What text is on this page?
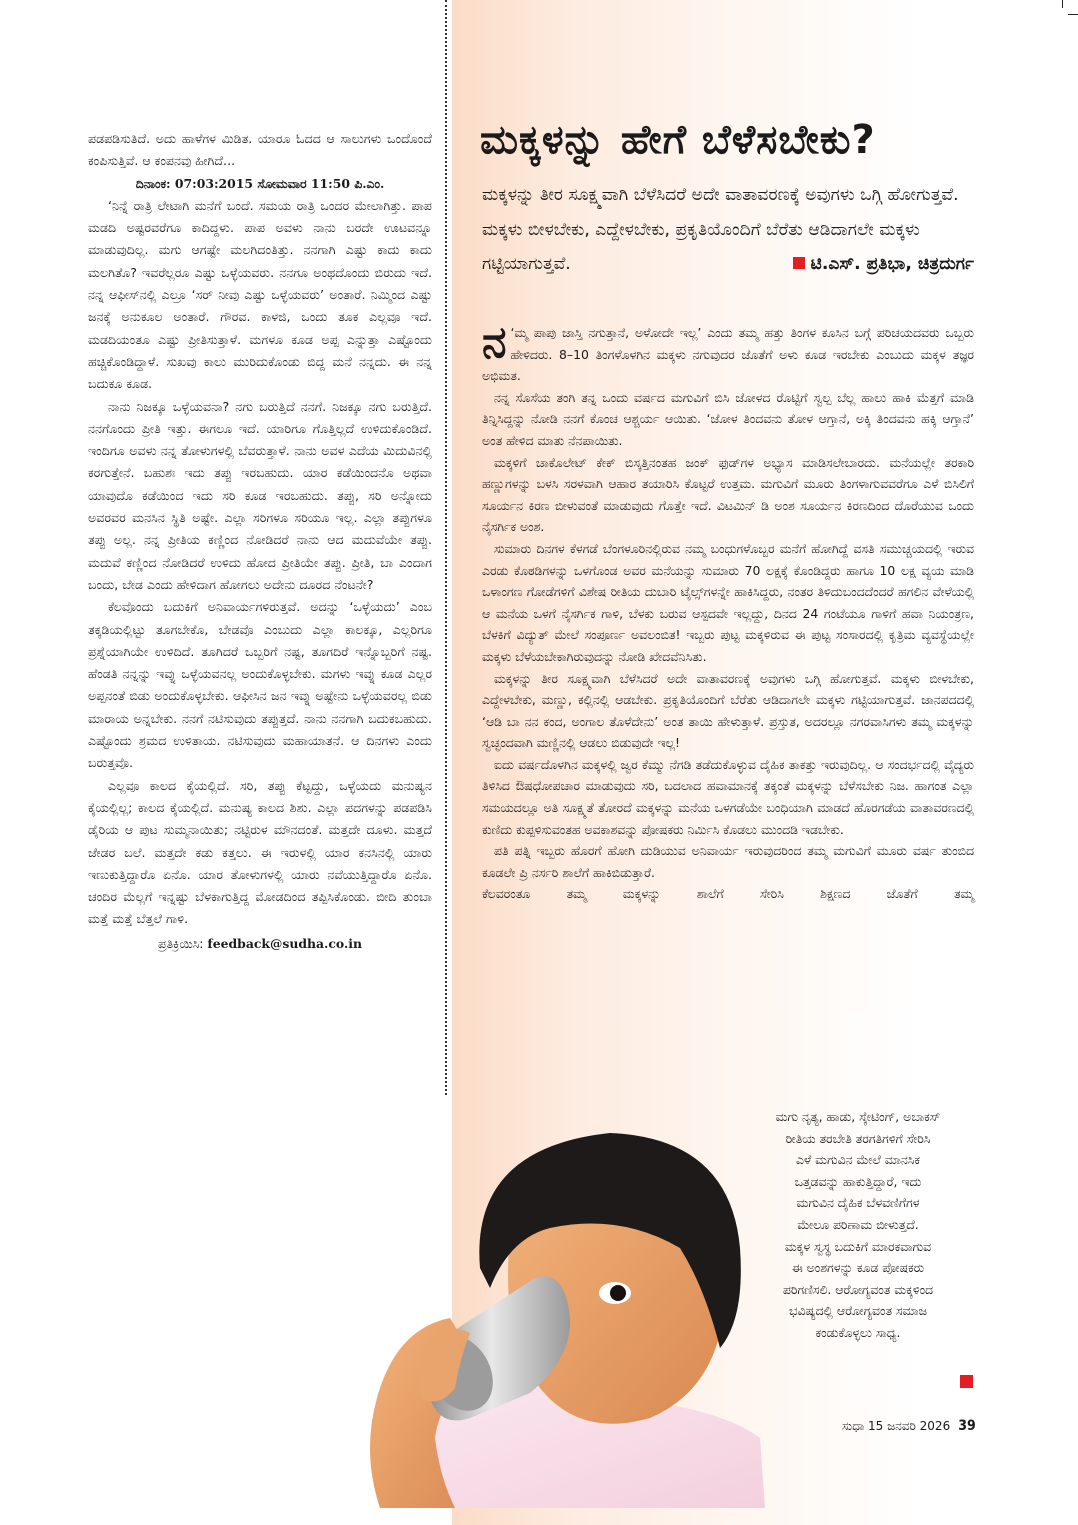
ಪಡಪಡಿಸುತಿದೆ. ಅದು ಹಾಳೆಗಳ ಮಿಡಿತ. ಯಾರೂ ಓದದ ಆ ಸಾಲುಗಳು ಒಂದೊಂದೆ ಕಂಪಿಸುತ್ತಿವೆ. ಆ ಕಂಪನವು ಹೀಗಿದೆ...

ದಿನಾಂಕ: 07:03:2015 ಸೋಮವಾರ 11:50 ಪಿ.ಎಂ.

‘ನಿನ್ನೆ ರಾತ್ರಿ ಲೇಟಾಗಿ ಮನೆಗೆ ಬಂದೆ. ಸಮಯ ರಾತ್ರಿ ಒಂದರ ಮೇಲಾಗಿತ್ತು. ಪಾಪ ಮಡದಿ ಅಷ್ಟರವರೆಗೂ ಕಾದಿದ್ದಳು. ಪಾಪ ಅವಳು ನಾನು ಬರದೇ ಊಟವನ್ನೂ ಮಾಡುವುದಿಲ್ಲ. ಮಗು ಆಗಷ್ಟೇ ಮಲಗಿದಂತಿತ್ತು. ನನಗಾಗಿ ಎಷ್ಟು ಕಾದು ಕಾದು ಮಲಗಿತೊ? ಇವರೆಲ್ಲರೂ ಎಷ್ಟು ಒಳ್ಳೆಯವರು. ನನಗೂ ಅಂಥದೊಂದು ಬಿರುದು ಇದೆ. ನನ್ನ ಆಫೀಸ್‌ನಲ್ಲಿ ಎಲ್ರೂ ‘ಸರ್ ನೀವು ಎಷ್ಟು ಒಳ್ಳೆಯವರು’ ಅಂತಾರೆ. ನಿಮ್ಮಿಂದ ಎಷ್ಟು ಜನಕ್ಕೆ ಅನುಕೂಲ ಅಂತಾರೆ. ಗೌರವ. ಕಾಳಜಿ, ಒಂದು ತೂಕ ಎಲ್ಲವೂ ಇದೆ. ಮಡದಿಯಂತೂ ಎಷ್ಟು ಪ್ರೀತಿಸುತ್ತಾಳೆ. ಮಗಳೂ ಕೂಡ ಅಪ್ಪ ಎನ್ನುತ್ತಾ ಎಷ್ಟೊಂದು ಹಚ್ಚಿಕೊಂಡಿದ್ದಾಳೆ. ಸುಖವು ಕಾಲು ಮುರಿದುಕೊಂಡು ಬಿದ್ದ ಮನೆ ನನ್ನದು. ಈ ನನ್ನ ಬದುಕೂ ಕೂಡ.

ನಾನು ನಿಜಕ್ಕೂ ಒಳ್ಳೆಯವನಾ? ನಗು ಬರುತ್ತಿದೆ ನನಗೆ. ನಿಜಕ್ಕೂ ನಗು ಬರುತ್ತಿದೆ. ನನಗೊಂದು ಪ್ರೀತಿ ಇತ್ತು. ಈಗಲೂ ಇದೆ. ಯಾರಿಗೂ ಗೊತ್ತಿಲ್ಲದೆ ಉಳಿದುಕೊಂಡಿದೆ. ಇಂದಿಗೂ ಅವಳು ನನ್ನ ತೋಳುಗಳಲ್ಲಿ ಬೆವರುತ್ತಾಳೆ. ನಾನು ಅವಳ ಎದೆಯ ಮಿದುವಿನಲ್ಲಿ ಕರಗುತ್ತೇನೆ. ಬಹುಶಃ ಇದು ತಪ್ಪು ಇರಬಹುದು. ಯಾರ ಕಡೆಯಿಂದನೊ ಅಥವಾ ಯಾವುದೊ ಕಡೆಯಿಂದ ಇದು ಸರಿ ಕೂಡ ಇರಬಹುದು. ತಪ್ಪು, ಸರಿ ಅನ್ನೋದು ಅವರವರ ಮನಸಿನ ಸ್ಥಿತಿ ಅಷ್ಟೇ. ಎಲ್ಲಾ ಸರಿಗಳೂ ಸರಿಯೂ ಇಲ್ಲ. ಎಲ್ಲಾ ತಪ್ಪುಗಳೂ ತಪ್ಪು ಅಲ್ಲ. ನನ್ನ ಪ್ರೀತಿಯ ಕಣ್ಣಿಂದ ನೋಡಿದರೆ ನಾನು ಆದ ಮದುವೆಯೇ ತಪ್ಪು. ಮದುವೆ ಕಣ್ಣಿಂದ ನೋಡಿದರೆ ಉಳಿದು ಹೋದ ಪ್ರೀತಿಯೇ ತಪ್ಪು. ಪ್ರೀತಿ, ಬಾ ಎಂದಾಗ ಬಂದು, ಬೇಡ ಎಂದು ಹೇಳಿದಾಗ ಹೋಗಲು ಅದೇನು ದೂರದ ನೆಂಟನೇ?

ಕೆಲವೊಂದು ಬದುಕಿಗೆ ಅನಿವಾರ್ಯಗಳಿರುತ್ತವೆ. ಅದನ್ನು ‘ಒಳ್ಳೆಯದು’ ಎಂಬ ತಕ್ಕಡಿಯಲ್ಲಿಟ್ಟು ತೂಗಬೇಕೊ, ಬೇಡವೊ ಎಂಬುದು ಎಲ್ಲಾ ಕಾಲಕ್ಕೂ, ಎಲ್ಲರಿಗೂ ಪ್ರಶ್ನೆಯಾಗಿಯೇ ಉಳಿದಿದೆ. ತೂಗಿದರೆ ಒಬ್ಬರಿಗೆ ನಷ್ಟ, ತೂಗದಿರೆ ಇನ್ನೊಬ್ಬರಿಗೆ ನಷ್ಟ. ಹೆಂಡತಿ ನನ್ನನ್ನು ಇವ್ನು ಒಳ್ಳೆಯವನಲ್ಲ ಅಂದುಕೊಳ್ಳಬೇಕು. ಮಗಳು ಇವ್ನು ಕೂಡ ಎಲ್ಲರ ಅಪ್ಪನಂತೆ ಬಿಡು ಅಂದುಕೊಳ್ಳಬೇಕು. ಆಫೀಸಿನ ಜನ ಇವ್ನು ಅಷ್ಟೇನು ಒಳ್ಳೆಯವರಲ್ಲ ಬಿಡು ಮಾರಾಯ ಅನ್ನಬೇಕು. ನನಗೆ ನಟಿಸುವುದು ತಪ್ಪುತ್ತದೆ. ನಾನು ನನಗಾಗಿ ಬದುಕಬಹುದು. ಎಷ್ಟೊಂದು ಶ್ರಮದ ಉಳಿತಾಯ. ನಟಿಸುವುದು ಮಹಾಯಾತನೆ. ಆ ದಿನಗಳು ಎಂದು ಬರುತ್ತವೊ.

ಎಲ್ಲವೂ ಕಾಲದ ಕೈಯಲ್ಲಿದೆ. ಸರಿ, ತಪ್ಪು ಕೆಟ್ಟದ್ದು, ಒಳ್ಳೆಯದು ಮನುಷ್ಯನ ಕೈಯಲ್ಲಿಲ್ಲ; ಕಾಲದ ಕೈಯಲ್ಲಿದೆ. ಮನುಷ್ಯ ಕಾಲದ ಶಿಶು. ಎಲ್ಲಾ ಪದಗಳನ್ನು ಪಡಪಡಿಸಿ ಡೈರಿಯ ಆ ಪುಟ ಸುಮ್ಮನಾಯಿತು; ನಟ್ಟಿರುಳ ಮೌನದಂತೆ. ಮತ್ತದೇ ದೂಳು. ಮತ್ತದೆ ಜೇಡರ ಬಲೆ. ಮತ್ತದೇ ಕಡು ಕತ್ತಲು. ಈ ಇರುಳಲ್ಲಿ ಯಾರ ಕನಸಿನಲ್ಲಿ ಯಾರು ಇಣುಕುತ್ತಿದ್ದಾರೊ ಏನೊ. ಯಾರ ತೋಳುಗಳಲ್ಲಿ ಯಾರು ನವೆಯುತ್ತಿದ್ದಾರೊ ಏನೊ. ಚಂದಿರ ಮೆಲ್ಲಗೆ ಇನ್ನಷ್ಟು ಬೆಳಕಾಗುತ್ತಿದ್ದ ಮೋಡದಿಂದ ತಪ್ಪಿಸಿಕೊಂಡು. ಬೀದಿ ತುಂಬಾ ಮತ್ತೆ ಮತ್ತೆ ಬೆತ್ತಲೆ ಗಾಳಿ.

ಪ್ರತಿಕ್ರಿಯಿಸಿ: feedback@sudha.co.in

ಮಕ್ಕಳನ್ನು ಹೇಗೆ ಬೆಳೆಸಬೇಕು?
ಮಕ್ಕಳನ್ನು ತೀರ ಸೂಕ್ಷ್ಮವಾಗಿ ಬೆಳೆಸಿದರೆ ಅದೇ ವಾತಾವರಣಕ್ಕೆ ಅವುಗಳು ಒಗ್ಗಿ ಹೋಗುತ್ತವೆ. ಮಕ್ಕಳು ಬೀಳಬೇಕು, ಎದ್ದೇಳಬೇಕು, ಪ್ರಕೃತಿಯೊಂದಿಗೆ ಬೆರೆತು ಆಡಿದಾಗಲೇ ಮಕ್ಕಳು ಗಟ್ಟಿಯಾಗುತ್ತವೆ.	ಟಿ.ಎಸ್‌. ಪ್ರತಿಭಾ, ಚಿತ್ರದುರ್ಗ

ನ ‘ಮ್ಮ ಪಾಪು ಜಾಸ್ತಿ ನಗುತ್ತಾನೆ, ಅಳೋದೇ ಇಲ್ಲ’ ಎಂದು ತಮ್ಮ ಹತ್ತು ತಿಂಗಳ ಕೂಸಿನ ಬಗ್ಗೆ ಪರಿಚಯದವರು ಒಬ್ಬರು ಹೇಳಿದರು. 8–10 ತಿಂಗಳೊಳಗಿನ ಮಕ್ಕಳು ನಗುವುದರ ಜೊತೆಗೆ ಅಳು ಕೂಡ ಇರಬೇಕು ಎಂಬುದು ಮಕ್ಕಳ ತಜ್ಞರ ಅಭಿಮತ.

ನನ್ನ ಸೊಸೆಯ ತಂಗಿ ತನ್ನ ಒಂದು ವರ್ಷದ ಮಗುವಿಗೆ ಬಿಸಿ ಜೋಳದ ರೊಟ್ಟಿಗೆ ಸ್ವಲ್ಪ ಬೆಲ್ಲ ಹಾಲು ಹಾಕಿ ಮೆತ್ತಗೆ ಮಾಡಿ ತಿನ್ನಿಸಿದ್ದನ್ನು ನೋಡಿ ನನಗೆ ಕೊಂಚ ಆಶ್ಚರ್ಯ ಆಯಿತು. ‘ಜೋಳ ತಿಂದವನು ತೋಳ ಆಗ್ತಾನೆ, ಅಕ್ಕಿ ತಿಂದವನು ಹಕ್ಕಿ ಆಗ್ತಾನೆ’ ಅಂತ ಹೇಳಿದ ಮಾತು ನೆನಪಾಯಿತು.

ಮಕ್ಕಳಿಗೆ ಚಾಕೊಲೇಟ್ ಕೇಕ್ ಬಿಸ್ಕತ್ತಿನಂತಹ ಜಂಕ್ ಫುಡ್‌ಗಳ ಅಭ್ಯಾಸ ಮಾಡಿಸಲೇಬಾರದು. ಮನೆಯಲ್ಲೇ ತರಕಾರಿ ಹಣ್ಣುಗಳನ್ನು ಬಳಸಿ ಸರಳವಾಗಿ ಆಹಾರ ತಯಾರಿಸಿ ಕೊಟ್ಟರೆ ಉತ್ತಮ. ಮಗುವಿಗೆ ಮೂರು ತಿಂಗಳಾಗುವವರೆಗೂ ಎಳೆ ಬಿಸಿಲಿಗೆ ಸೂರ್ಯನ ಕಿರಣ ಬೀಳುವಂತೆ ಮಾಡುವುದು ಗೊತ್ತೇ ಇದೆ. ವಿಟಮಿನ್ ಡಿ ಅಂಶ ಸೂರ್ಯನ ಕಿರಣದಿಂದ ದೊರೆಯುವ ಒಂದು ನೈಸರ್ಗಿಕ ಅಂಶ.

ಸುಮಾರು ದಿನಗಳ ಕೆಳಗಡೆ ಬೆಂಗಳೂರಿನಲ್ಲಿರುವ ನಮ್ಮ ಬಂಧುಗಳೊಬ್ಬರ ಮನೆಗೆ ಹೋಗಿದ್ದೆ ವಸತಿ ಸಮುಚ್ಚಯದಲ್ಲಿ ಇರುವ ಎರಡು ಕೊಠಡಿಗಳನ್ನು ಒಳಗೊಂಡ ಅವರ ಮನೆಯನ್ನು ಸುಮಾರು 70 ಲಕ್ಷಕ್ಕೆ ಕೊಂಡಿದ್ದರು ಹಾಗೂ 10 ಲಕ್ಷ ವ್ಯಯ ಮಾಡಿ ಒಳಾಂಗಣ ಗೋಡೆಗಳಿಗೆ ವಿಶೇಷ ರೀತಿಯ ದುಬಾರಿ ಟೈಲ್ಸ್‌ಗಳನ್ನೇ ಹಾಕಿಸಿದ್ದರು, ನಂತರ ತಿಳಿದುಬಂದದೆಂದರೆ ಹಗಲಿನ ವೇಳೆಯಲ್ಲಿ ಆ ಮನೆಯ ಒಳಗೆ ನೈಸರ್ಗಿಕ ಗಾಳಿ, ಬೆಳಕು ಬರುವ ಆಸ್ಪದವೇ ಇಲ್ಲದ್ದು, ದಿನದ 24 ಗಂಟೆಯೂ ಗಾಳಿಗೆ ಹವಾ ನಿಯಂತ್ರಣ, ಬೆಳಕಿಗೆ ವಿದ್ಯುತ್ ಮೇಲೆ ಸಂಪೂರ್ಣ ಅವಲಂಬಿತ! ಇಬ್ಬರು ಪುಟ್ಟ ಮಕ್ಕಳಿರುವ ಈ ಪುಟ್ಟ ಸಂಸಾರದಲ್ಲಿ ಕೃತ್ರಿಮ ವ್ಯವಸ್ಥೆಯಲ್ಲೇ ಮಕ್ಕಳು ಬೆಳೆಯಬೇಕಾಗಿರುವುದನ್ನು ನೋಡಿ ಖೇದವೆನಿಸಿತು.

ಮಕ್ಕಳನ್ನು ತೀರ ಸೂಕ್ಷ್ಮವಾಗಿ ಬೆಳೆಸಿದರೆ ಅದೇ ವಾತಾವರಣಕ್ಕೆ ಅವುಗಳು ಒಗ್ಗಿ ಹೋಗುತ್ತವೆ. ಮಕ್ಕಳು ಬೀಳಬೇಕು, ಎದ್ದೇಳಬೇಕು, ಮಣ್ಣು, ಕಲ್ಲಿನಲ್ಲಿ ಆಡಬೇಕು. ಪ್ರಕೃತಿಯೊಂದಿಗೆ ಬೆರೆತು ಆಡಿದಾಗಲೇ ಮಕ್ಕಳು ಗಟ್ಟಿಯಾಗುತ್ತವೆ. ಜಾನಪದದಲ್ಲಿ ‘ಆಡಿ ಬಾ ನನ ಕಂದ, ಅಂಗಾಲ ತೊಳೆದೇನು’ ಅಂತ ತಾಯಿ ಹೇಳುತ್ತಾಳೆ. ಪ್ರಸ್ತುತ, ಅದರಲ್ಲೂ ನಗರವಾಸಿಗಳು ತಮ್ಮ ಮಕ್ಕಳನ್ನು ಸ್ವಚ್ಛಂದವಾಗಿ ಮಣ್ಣಿನಲ್ಲಿ ಆಡಲು ಬಿಡುವುದೇ ಇಲ್ಲ!

ಐದು ವರ್ಷದೊಳಗಿನ ಮಕ್ಕಳಲ್ಲಿ ಜ್ವರ ಕೆಮ್ಮು ನೆಗಡಿ ತಡೆದುಕೊಳ್ಳುವ ದೈಹಿಕ ತಾಕತ್ತು ಇರುವುದಿಲ್ಲ. ಆ ಸಂದರ್ಭದಲ್ಲಿ ವೈದ್ಯರು ತಿಳಿಸಿದ ಔಷಧೋಪಚಾರ ಮಾಡುವುದು ಸರಿ, ಬದಲಾದ ಹವಾಮಾನಕ್ಕೆ ತಕ್ಕಂತೆ ಮಕ್ಕಳನ್ನು ಬೆಳೆಸಬೇಕು ನಿಜ. ಹಾಗಂತ ಎಲ್ಲಾ ಸಮಯದಲ್ಲೂ ಅತಿ ಸೂಕ್ಷ್ಮತೆ ತೋರದೆ ಮಕ್ಕಳನ್ನು ಮನೆಯ ಒಳಗಡೆಯೇ ಬಂಧಿಯಾಗಿ ಮಾಡದೆ ಹೊರಗಡೆಯ ವಾತಾವರಣದಲ್ಲಿ ಕುಣಿದು ಕುಪ್ಪಳಿಸುವಂತಹ ಅವಕಾಶವನ್ನು ಪೋಷಕರು ನಿರ್ಮಿಸಿ ಕೊಡಲು ಮುಂದಡಿ ಇಡಬೇಕು.

ಪತಿ ಪತ್ನಿ ಇಬ್ಬರು ಹೊರಗೆ ಹೋಗಿ ದುಡಿಯುವ ಅನಿವಾರ್ಯ ಇರುವುದರಿಂದ ತಮ್ಮ ಮಗುವಿಗೆ ಮೂರು ವರ್ಷ ತುಂಬಿದ ಕೂಡಲೇ ಪ್ರಿ ನರ್ಸರಿ ಶಾಲೆಗೆ ಹಾಕಿಬಿಡುತ್ತಾರೆ.

ಕೆಲವರಂತೂ ತಮ್ಮ ಮಕ್ಕಳನ್ನು ಶಾಲೆಗೆ ಸೇರಿಸಿ ಶಿಕ್ಷಣದ ಜೊತೆಗೆ ತಮ್ಮ

ಮಗು ನೃತ್ಯ, ಹಾಡು, ಸ್ಕೇಟಿಂಗ್, ಅಬಾಕಸ್

ರೀತಿಯ ತರಬೇತಿ ತರಗತಿಗಳಿಗೆ ಸೇರಿಸಿ

ಎಳೆ ಮಗುವಿನ ಮೇಲೆ ಮಾನಸಿಕ

ಒತ್ತಡವನ್ನು ಹಾಕುತ್ತಿದ್ದಾರೆ, ಇದು

ಮಗುವಿನ ದೈಹಿಕ ಬೆಳವಣಿಗೆಗಳ

ಮೇಲೂ ಪರಿಣಾಮ ಬೀಳುತ್ತದೆ.

ಮಕ್ಕಳ ಸ್ವಸ್ಥ ಬದುಕಿಗೆ ಮಾರಕವಾಗುವ

ಈ ಅಂಶಗಳನ್ನು ಕೂಡ ಪೋಷಕರು

ಪರಿಗಣಿಸಲಿ. ಆರೋಗ್ಯವಂತ ಮಕ್ಕಳಿಂದ

ಭವಿಷ್ಯದಲ್ಲಿ ಆರೋಗ್ಯವಂತ ಸಮಾಜ

ಕಂಡುಕೊಳ್ಳಲು ಸಾಧ್ಯ.

ಸುಧಾ 15 ಜನವರಿ 2026 39
